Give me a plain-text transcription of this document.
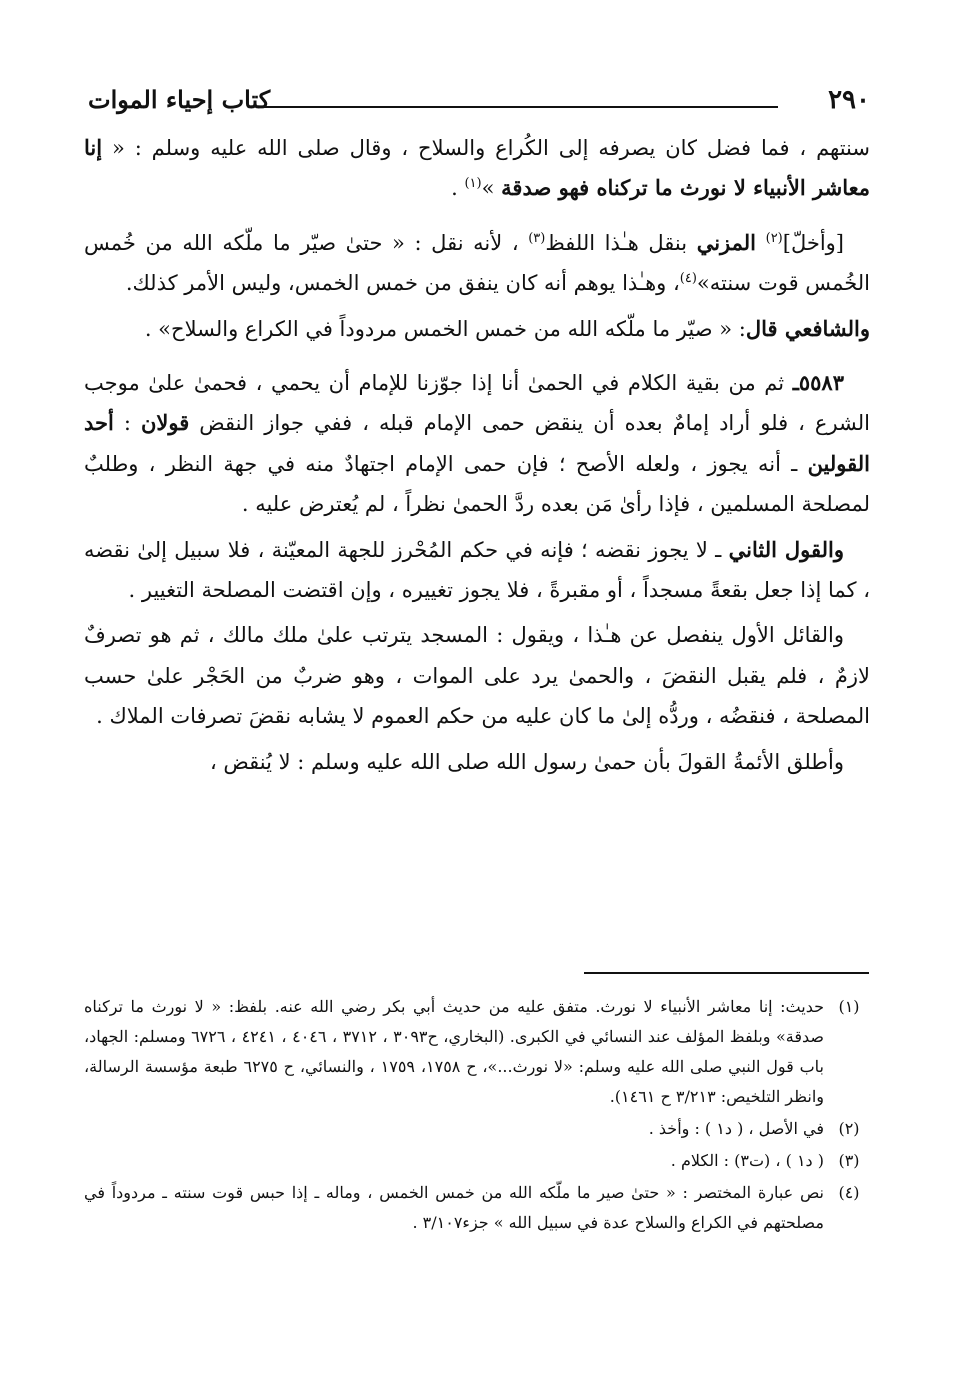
٢٩٠
كتاب إحياء الموات

سنتهم ، فما فضل كان يصرفه إلى الكُراع والسلاح ، وقال صلى الله عليه وسلم : « إنا معاشر الأنبياء لا نورث ما تركناه فهو صدقة »$^{(١)}$ .

[وأخلّ]$^{(٢)}$ المزني بنقل هـٰذا اللفظ$^{(٣)}$ ، لأنه نقل : « حتىٰ صيّر ما ملّكه الله من خُمس الخُمس قوت سنته»$^{(٤)}$، وهـٰذا يوهم أنه كان ينفق من خمس الخمس، وليس الأمر كذلك.

والشافعي قال: « صيّر ما ملّكه الله من خمس الخمس مردوداً في الكراع والسلاح» .

٥٥٨٣ـ ثم من بقية الكلام في الحمىٰ أنا إذا جوّزنا للإمام أن يحمي ، فحمىٰ علىٰ موجب الشرع ، فلو أراد إمامٌ بعده أن ينقض حمى الإمام قبله ، ففي جواز النقض قولان : أحد القولين ـ أنه يجوز ، ولعله الأصح ؛ فإن حمى الإمام اجتهادٌ منه في جهة النظر ، وطلبٌ لمصلحة المسلمين ، فإذا رأىٰ مَن بعده ردَّ الحمىٰ نظراً ، لم يُعترض عليه .

والقول الثاني ـ لا يجوز نقضه ؛ فإنه في حكم المُحْرز للجهة المعيّنة ، فلا سبيل إلىٰ نقضه ، كما إذا جعل بقعةً مسجداً ، أو مقبرةً ، فلا يجوز تغييره ، وإن اقتضت المصلحة التغيير .

والقائل الأول ينفصل عن هـٰذا ، ويقول : المسجد يترتب علىٰ ملك مالك ، ثم هو تصرفٌ لازمٌ ، فلم يقبل النقضَ ، والحمىٰ يرد على الموات ، وهو ضربٌ من الحَجْر علىٰ حسب المصلحة ، فنقضُه ، وردُّه إلىٰ ما كان عليه من حكم العموم لا يشابه نقضَ تصرفات الملاك .

وأطلق الأئمةُ القولَ بأن حمىٰ رسول الله صلى الله عليه وسلم : لا يُنقض ،

(١)
حديث: إنا معاشر الأنبياء لا نورث. متفق عليه من حديث أبي بكر رضي الله عنه. بلفظ: « لا نورث ما تركناه صدقة» وبلفظ المؤلف عند النسائي في الكبرى. (البخاري، ح٣٠٩٣ ، ٣٧١٢ ، ٤٠٤٦ ، ٤٢٤١ ، ٦٧٢٦ ومسلم: الجهاد، باب قول النبي صلى الله عليه وسلم: «لا نورث...»، ح ١٧٥٨، ١٧٥٩ ، والنسائي، ح ٦٢٧٥ طبعة مؤسسة الرسالة، وانظر التلخيص: ٣/٢١٣ ح ١٤٦١).
(٢)
في الأصل ، ( د١ ) : وأخذ .
(٣)
( د١ ) ، (ت٣) : الكلام .
(٤)
نص عبارة المختصر : « حتىٰ صير ما ملّكه الله من خمس الخمس ، وماله ـ إذا حبس قوت سنته ـ مردوداً في مصلحتهم في الكراع والسلاح عدة في سبيل الله » جزء٣/١٠٧ .
